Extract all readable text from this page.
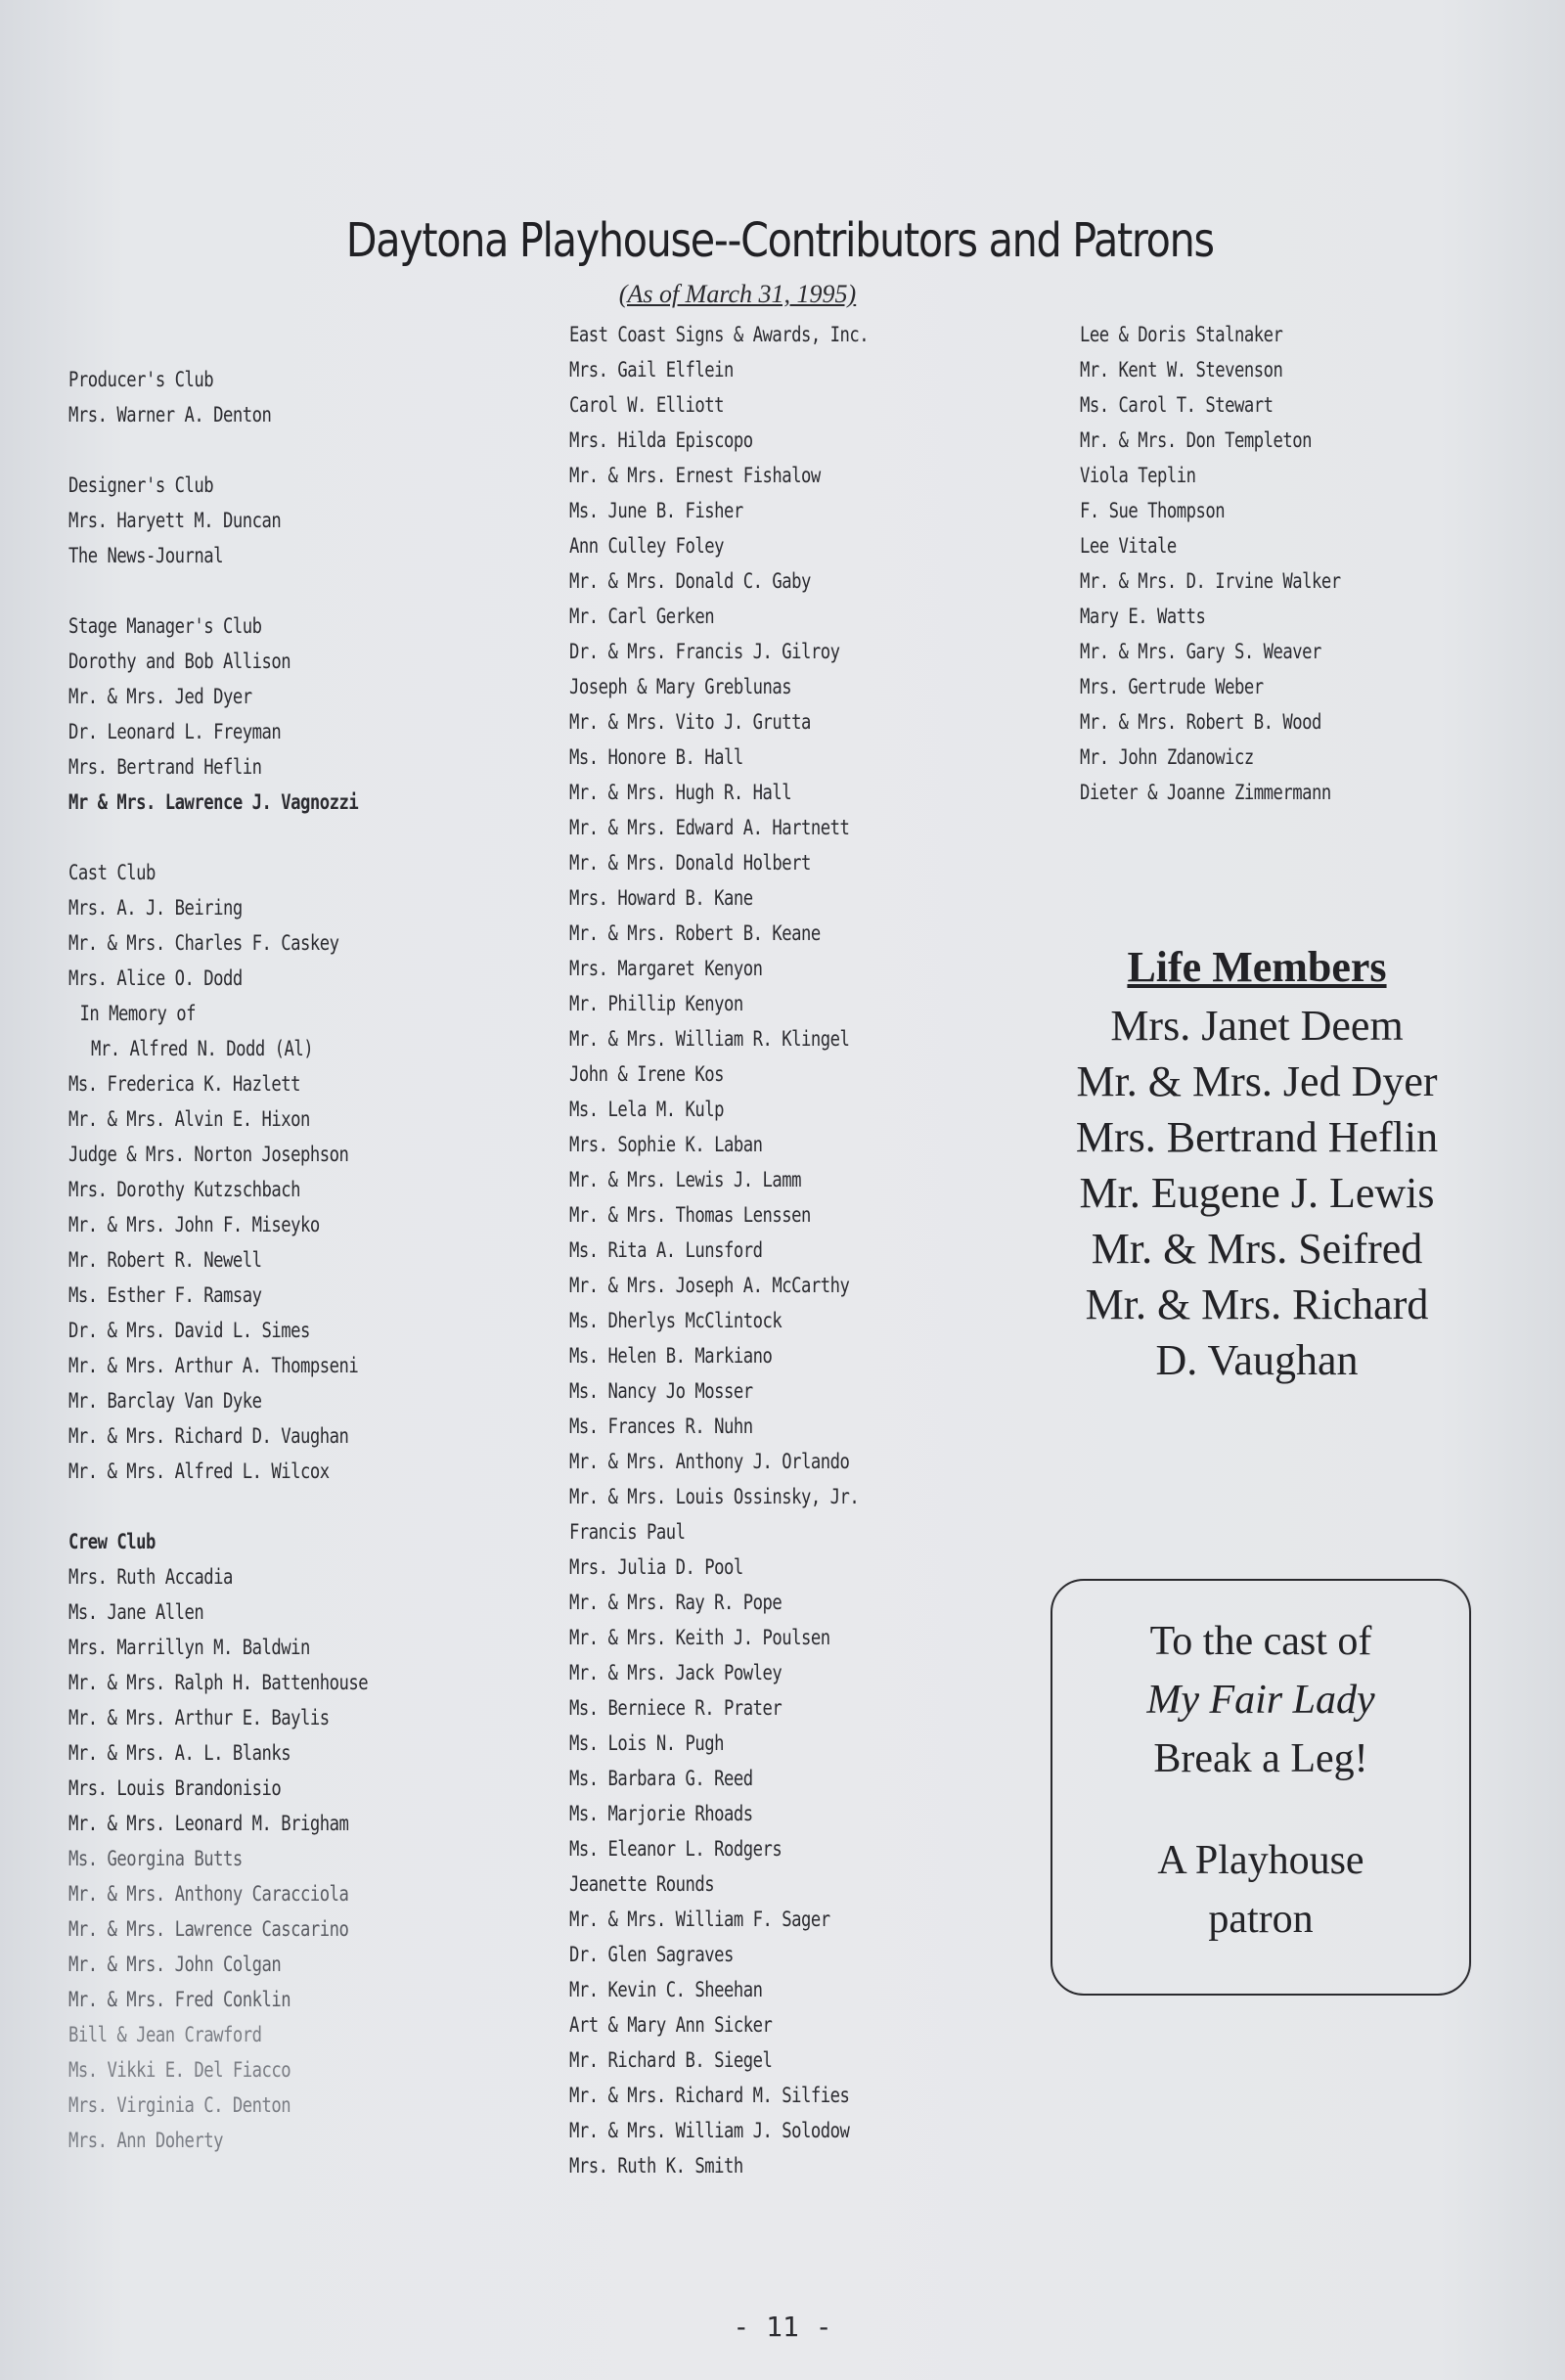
Daytona Playhouse--Contributors and Patrons
(As of March 31, 1995)
Producer's Club
Mrs. Warner A. Denton
Designer's Club
Mrs. Haryett M. Duncan
The News-Journal
Stage Manager's Club
Dorothy and Bob Allison
Mr. & Mrs. Jed Dyer
Dr. Leonard L. Freyman
Mrs. Bertrand Heflin
Mr & Mrs. Lawrence J. Vagnozzi
Cast Club
Mrs. A. J. Beiring
Mr. & Mrs. Charles F. Caskey
Mrs. Alice O. Dodd
In Memory of
Mr. Alfred N. Dodd (Al)
Ms. Frederica K. Hazlett
Mr. & Mrs. Alvin E. Hixon
Judge & Mrs. Norton Josephson
Mrs. Dorothy Kutzschbach
Mr. & Mrs. John F. Miseyko
Mr. Robert R. Newell
Ms. Esther F. Ramsay
Dr. & Mrs. David L. Simes
Mr. & Mrs. Arthur A. Thompseni
Mr. Barclay Van Dyke
Mr. & Mrs. Richard D. Vaughan
Mr. & Mrs. Alfred L. Wilcox
Crew Club
Mrs. Ruth Accadia
Ms. Jane Allen
Mrs. Marrillyn M. Baldwin
Mr. & Mrs. Ralph H. Battenhouse
Mr. & Mrs. Arthur E. Baylis
Mr. & Mrs. A. L. Blanks
Mrs. Louis Brandonisio
Mr. & Mrs. Leonard M. Brigham
Ms. Georgina Butts
Mr. & Mrs. Anthony Caracciola
Mr. & Mrs. Lawrence Cascarino
Mr. & Mrs. John Colgan
Mr. & Mrs. Fred Conklin
Bill & Jean Crawford
Ms. Vikki E. Del Fiacco
Mrs. Virginia C. Denton
Mrs. Ann Doherty
East Coast Signs & Awards, Inc.
Mrs. Gail Elflein
Carol W. Elliott
Mrs. Hilda Episcopo
Mr. & Mrs. Ernest Fishalow
Ms. June B. Fisher
Ann Culley Foley
Mr. & Mrs. Donald C. Gaby
Mr. Carl Gerken
Dr. & Mrs. Francis J. Gilroy
Joseph & Mary Greblunas
Mr. & Mrs. Vito J. Grutta
Ms. Honore B. Hall
Mr. & Mrs. Hugh R. Hall
Mr. & Mrs. Edward A. Hartnett
Mr. & Mrs. Donald Holbert
Mrs. Howard B. Kane
Mr. & Mrs. Robert B. Keane
Mrs. Margaret Kenyon
Mr. Phillip Kenyon
Mr. & Mrs. William R. Klingel
John & Irene Kos
Ms. Lela M. Kulp
Mrs. Sophie K. Laban
Mr. & Mrs. Lewis J. Lamm
Mr. & Mrs. Thomas Lenssen
Ms. Rita A. Lunsford
Mr. & Mrs. Joseph A. McCarthy
Ms. Dherlys McClintock
Ms. Helen B. Markiano
Ms. Nancy Jo Mosser
Ms. Frances R. Nuhn
Mr. & Mrs. Anthony J. Orlando
Mr. & Mrs. Louis Ossinsky, Jr.
Francis Paul
Mrs. Julia D. Pool
Mr. & Mrs. Ray R. Pope
Mr. & Mrs. Keith J. Poulsen
Mr. & Mrs. Jack Powley
Ms. Berniece R. Prater
Ms. Lois N. Pugh
Ms. Barbara G. Reed
Ms. Marjorie Rhoads
Ms. Eleanor L. Rodgers
Jeanette Rounds
Mr. & Mrs. William F. Sager
Dr. Glen Sagraves
Mr. Kevin C. Sheehan
Art & Mary Ann Sicker
Mr. Richard B. Siegel
Mr. & Mrs. Richard M. Silfies
Mr. & Mrs. William J. Solodow
Mrs. Ruth K. Smith
Lee & Doris Stalnaker
Mr. Kent W. Stevenson
Ms. Carol T. Stewart
Mr. & Mrs. Don Templeton
Viola Teplin
F. Sue Thompson
Lee Vitale
Mr. & Mrs. D. Irvine Walker
Mary E. Watts
Mr. & Mrs. Gary S. Weaver
Mrs. Gertrude Weber
Mr. & Mrs. Robert B. Wood
Mr. John Zdanowicz
Dieter & Joanne Zimmermann
Life Members
Mrs. Janet Deem
Mr. & Mrs. Jed Dyer
Mrs. Bertrand Heflin
Mr. Eugene J. Lewis
Mr. & Mrs. Seifred
Mr. & Mrs. Richard
D. Vaughan
To the cast of
My Fair Lady
Break a Leg!
A Playhouse
patron
- 11 -
